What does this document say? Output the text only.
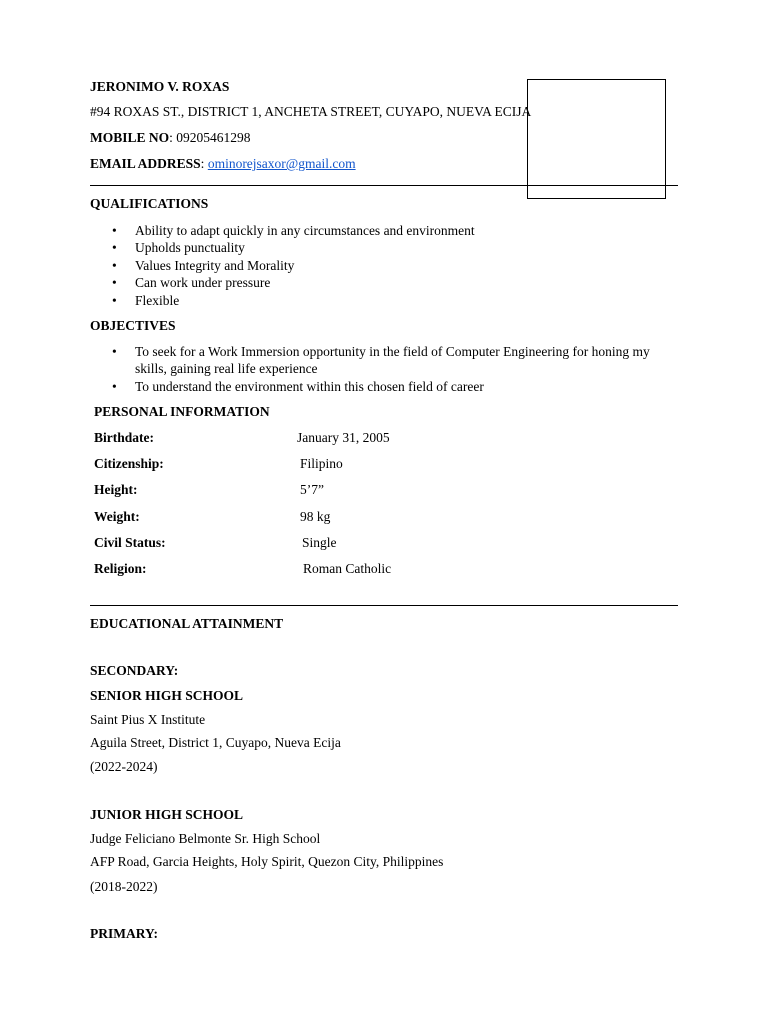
JERONIMO V. ROXAS
#94 ROXAS ST., DISTRICT 1, ANCHETA STREET, CUYAPO, NUEVA ECIJA
MOBILE NO: 09205461298
EMAIL ADDRESS: ominorejsaxor@gmail.com
QUALIFICATIONS
• Ability to adapt quickly in any circumstances and environment
• Upholds punctuality
• Values Integrity and Morality
• Can work under pressure
• Flexible
OBJECTIVES
• To seek for a Work Immersion opportunity in the field of Computer Engineering for honing my skills, gaining real life experience
• To understand the environment within this chosen field of career
PERSONAL INFORMATION
Birthdate:	January 31, 2005
Citizenship:	Filipino
Height:	5’7”
Weight:	98 kg
Civil Status:	Single
Religion:	Roman Catholic
EDUCATIONAL ATTAINMENT
SECONDARY:
SENIOR HIGH SCHOOL
Saint Pius X Institute
Aguila Street, District 1, Cuyapo, Nueva Ecija
(2022-2024)
JUNIOR HIGH SCHOOL
Judge Feliciano Belmonte Sr. High School
AFP Road, Garcia Heights, Holy Spirit, Quezon City, Philippines
(2018-2022)
PRIMARY:
